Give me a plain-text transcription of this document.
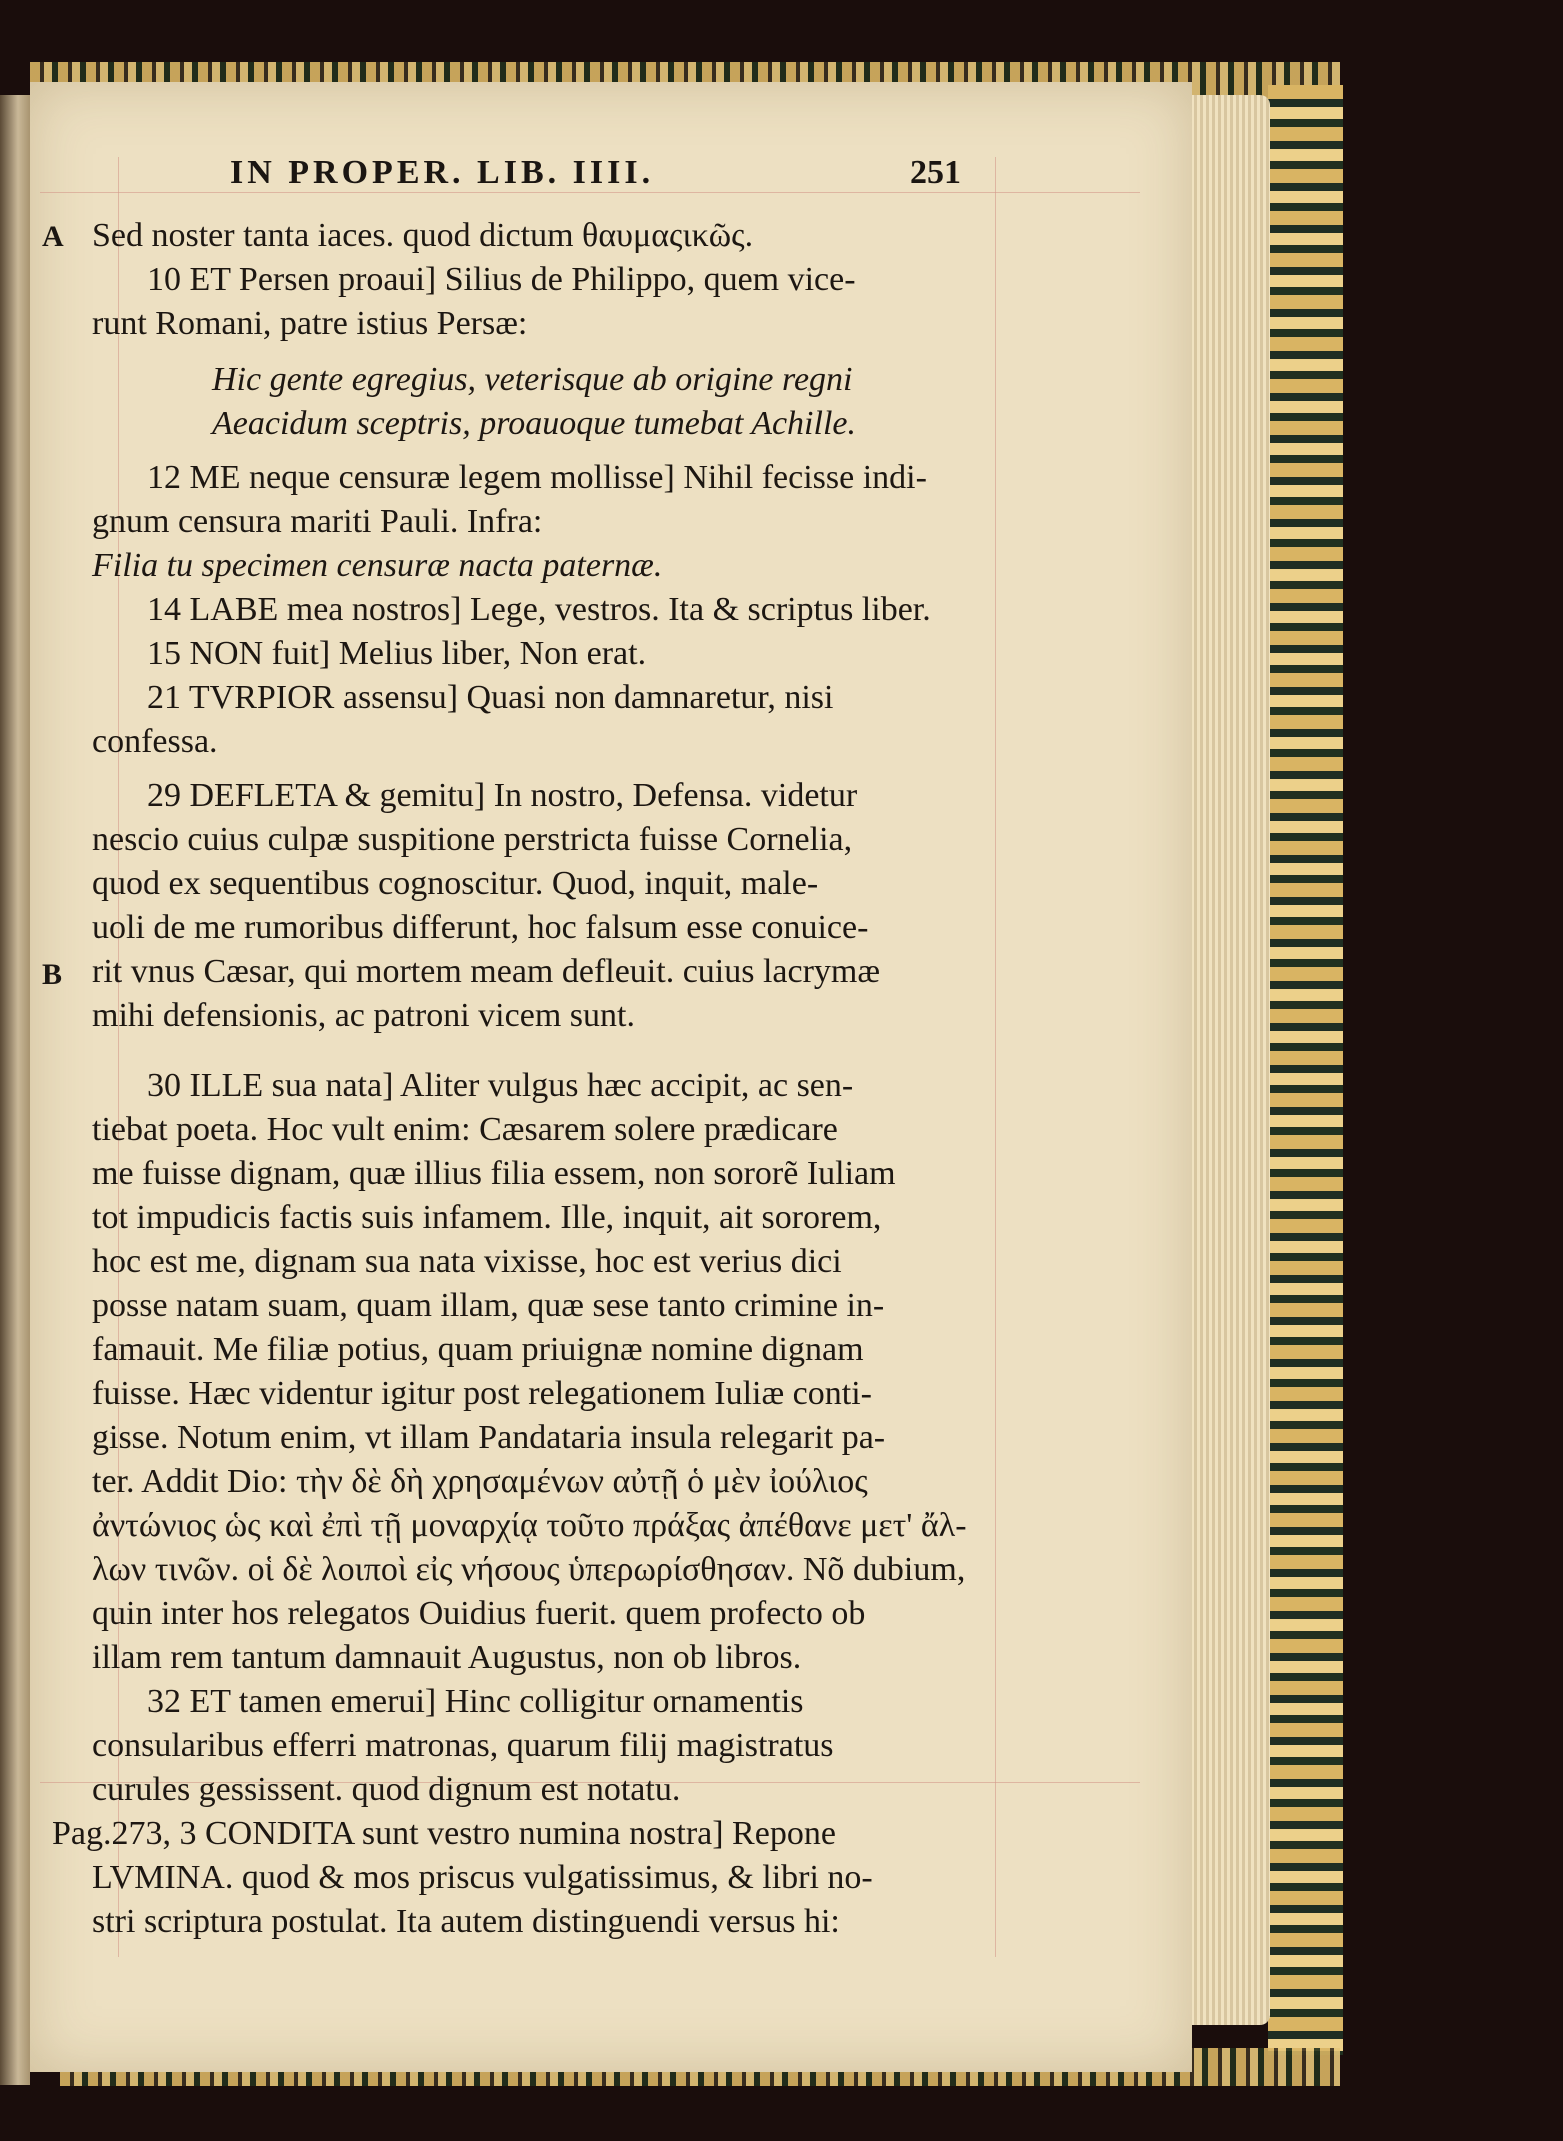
IN PROPER. LIB. IIII.	251
A
B
Sed noster tanta iaces. quod dictum θαυμαςικῶς.
10 ET Persen proaui] Silius de Philippo, quem vice-
runt Romani, patre istius Persæ:
Hic gente egregius, veterisque ab origine regni
Aeacidum sceptris, proauoque tumebat Achille.
12 ME neque censuræ legem mollisse] Nihil fecisse indi-
gnum censura mariti Pauli. Infra:
Filia tu specimen censuræ nacta paternæ.
14 LABE mea nostros] Lege, vestros. Ita & scriptus liber.
15 NON fuit] Melius liber, Non erat.
21 TVRPIOR assensu] Quasi non damnaretur, nisi
confessa.
29 DEFLETA & gemitu] In nostro, Defensa. videtur
nescio cuius culpæ suspitione perstricta fuisse Cornelia,
quod ex sequentibus cognoscitur. Quod, inquit, male-
uoli de me rumoribus differunt, hoc falsum esse conuice-
rit vnus Cæsar, qui mortem meam defleuit. cuius lacrymæ
mihi defensionis, ac patroni vicem sunt.
30 ILLE sua nata] Aliter vulgus hæc accipit, ac sen-
tiebat poeta. Hoc vult enim: Cæsarem solere prædicare
me fuisse dignam, quæ illius filia essem, non sororẽ Iuliam
tot impudicis factis suis infamem. Ille, inquit, ait sororem,
hoc est me, dignam sua nata vixisse, hoc est verius dici
posse natam suam, quam illam, quæ sese tanto crimine in-
famauit. Me filiæ potius, quam priuignæ nomine dignam
fuisse. Hæc videntur igitur post relegationem Iuliæ conti-
gisse. Notum enim, vt illam Pandataria insula relegarit pa-
ter. Addit Dio: τὴν δὲ δὴ χρησαμένων αὐτῇ ὁ μὲν ἰούλιος
ἀντώνιος ὡς καὶ ἐπὶ τῇ μοναρχίᾳ τοῦτο πράξας ἀπέθανε μετ' ἄλ-
λων τινῶν. οἱ δὲ λοιποὶ εἰς νήσους ὑπερωρίσθησαν. Nõ dubium,
quin inter hos relegatos Ouidius fuerit. quem profecto ob
illam rem tantum damnauit Augustus, non ob libros.
32 ET tamen emerui] Hinc colligitur ornamentis
consularibus efferri matronas, quarum filij magistratus
curules gessissent. quod dignum est notatu.
Pag.273, 3 CONDITA sunt vestro numina nostra] Repone
LVMINA. quod & mos priscus vulgatissimus, & libri no-
stri scriptura postulat. Ita autem distinguendi versus hi:
